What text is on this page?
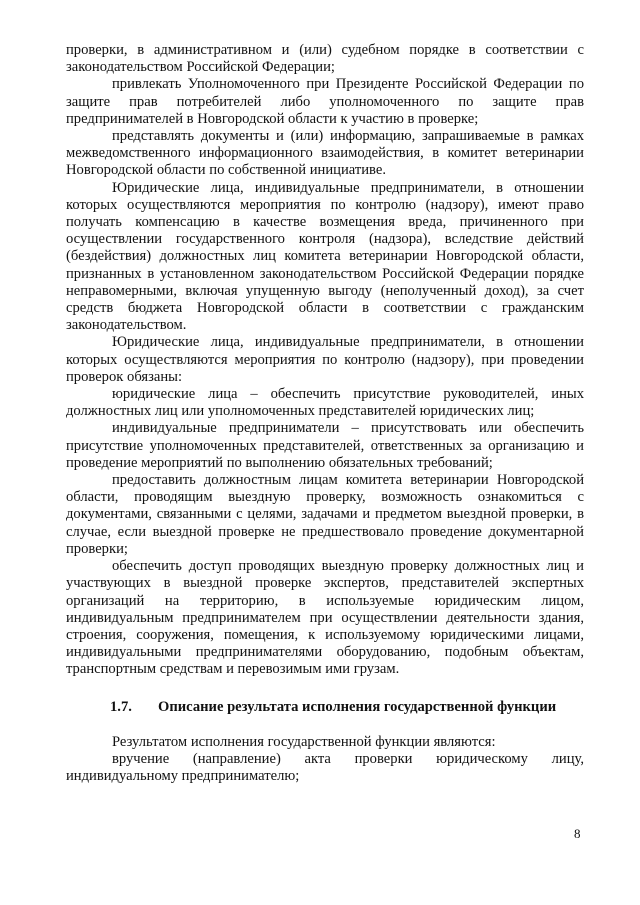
проверки, в административном и (или) судебном порядке в соответствии с законодательством Российской Федерации;

привлекать Уполномоченного при Президенте Российской Федерации по защите прав потребителей либо уполномоченного по защите прав предпринимателей в Новгородской области к участию в проверке;

представлять документы и (или) информацию, запрашиваемые в рамках межведомственного информационного взаимодействия, в комитет ветеринарии Новгородской области по собственной инициативе.

Юридические лица, индивидуальные предприниматели, в отношении которых осуществляются мероприятия по контролю (надзору), имеют право получать компенсацию в качестве возмещения вреда, причиненного при осуществлении государственного контроля (надзора), вследствие действий (бездействия) должностных лиц комитета ветеринарии Новгородской области, признанных в установленном законодательством Российской Федерации порядке неправомерными, включая упущенную выгоду (неполученный доход), за счет средств бюджета Новгородской области в соответствии с гражданским законодательством.

Юридические лица, индивидуальные предприниматели, в отношении которых осуществляются мероприятия по контролю (надзору), при проведении проверок обязаны:

юридические лица – обеспечить присутствие руководителей, иных должностных лиц или уполномоченных представителей юридических лиц;

индивидуальные предприниматели – присутствовать или обеспечить присутствие уполномоченных представителей, ответственных за организацию и проведение мероприятий по выполнению обязательных требований;

предоставить должностным лицам комитета ветеринарии Новгородской области, проводящим выездную проверку, возможность ознакомиться с документами, связанными с целями, задачами и предметом выездной проверки, в случае, если выездной проверке не предшествовало проведение документарной проверки;

обеспечить доступ проводящих выездную проверку должностных лиц и участвующих в выездной проверке экспертов, представителей экспертных организаций на территорию, в используемые юридическим лицом, индивидуальным предпринимателем при осуществлении деятельности здания, строения, сооружения, помещения, к используемому юридическими лицами, индивидуальными предпринимателями оборудованию, подобным объектам, транспортным средствам и перевозимым ими грузам.

1.7. Описание результата исполнения государственной функции

Результатом исполнения государственной функции являются:

вручение (направление) акта проверки юридическому лицу, индивидуальному предпринимателю;

8
